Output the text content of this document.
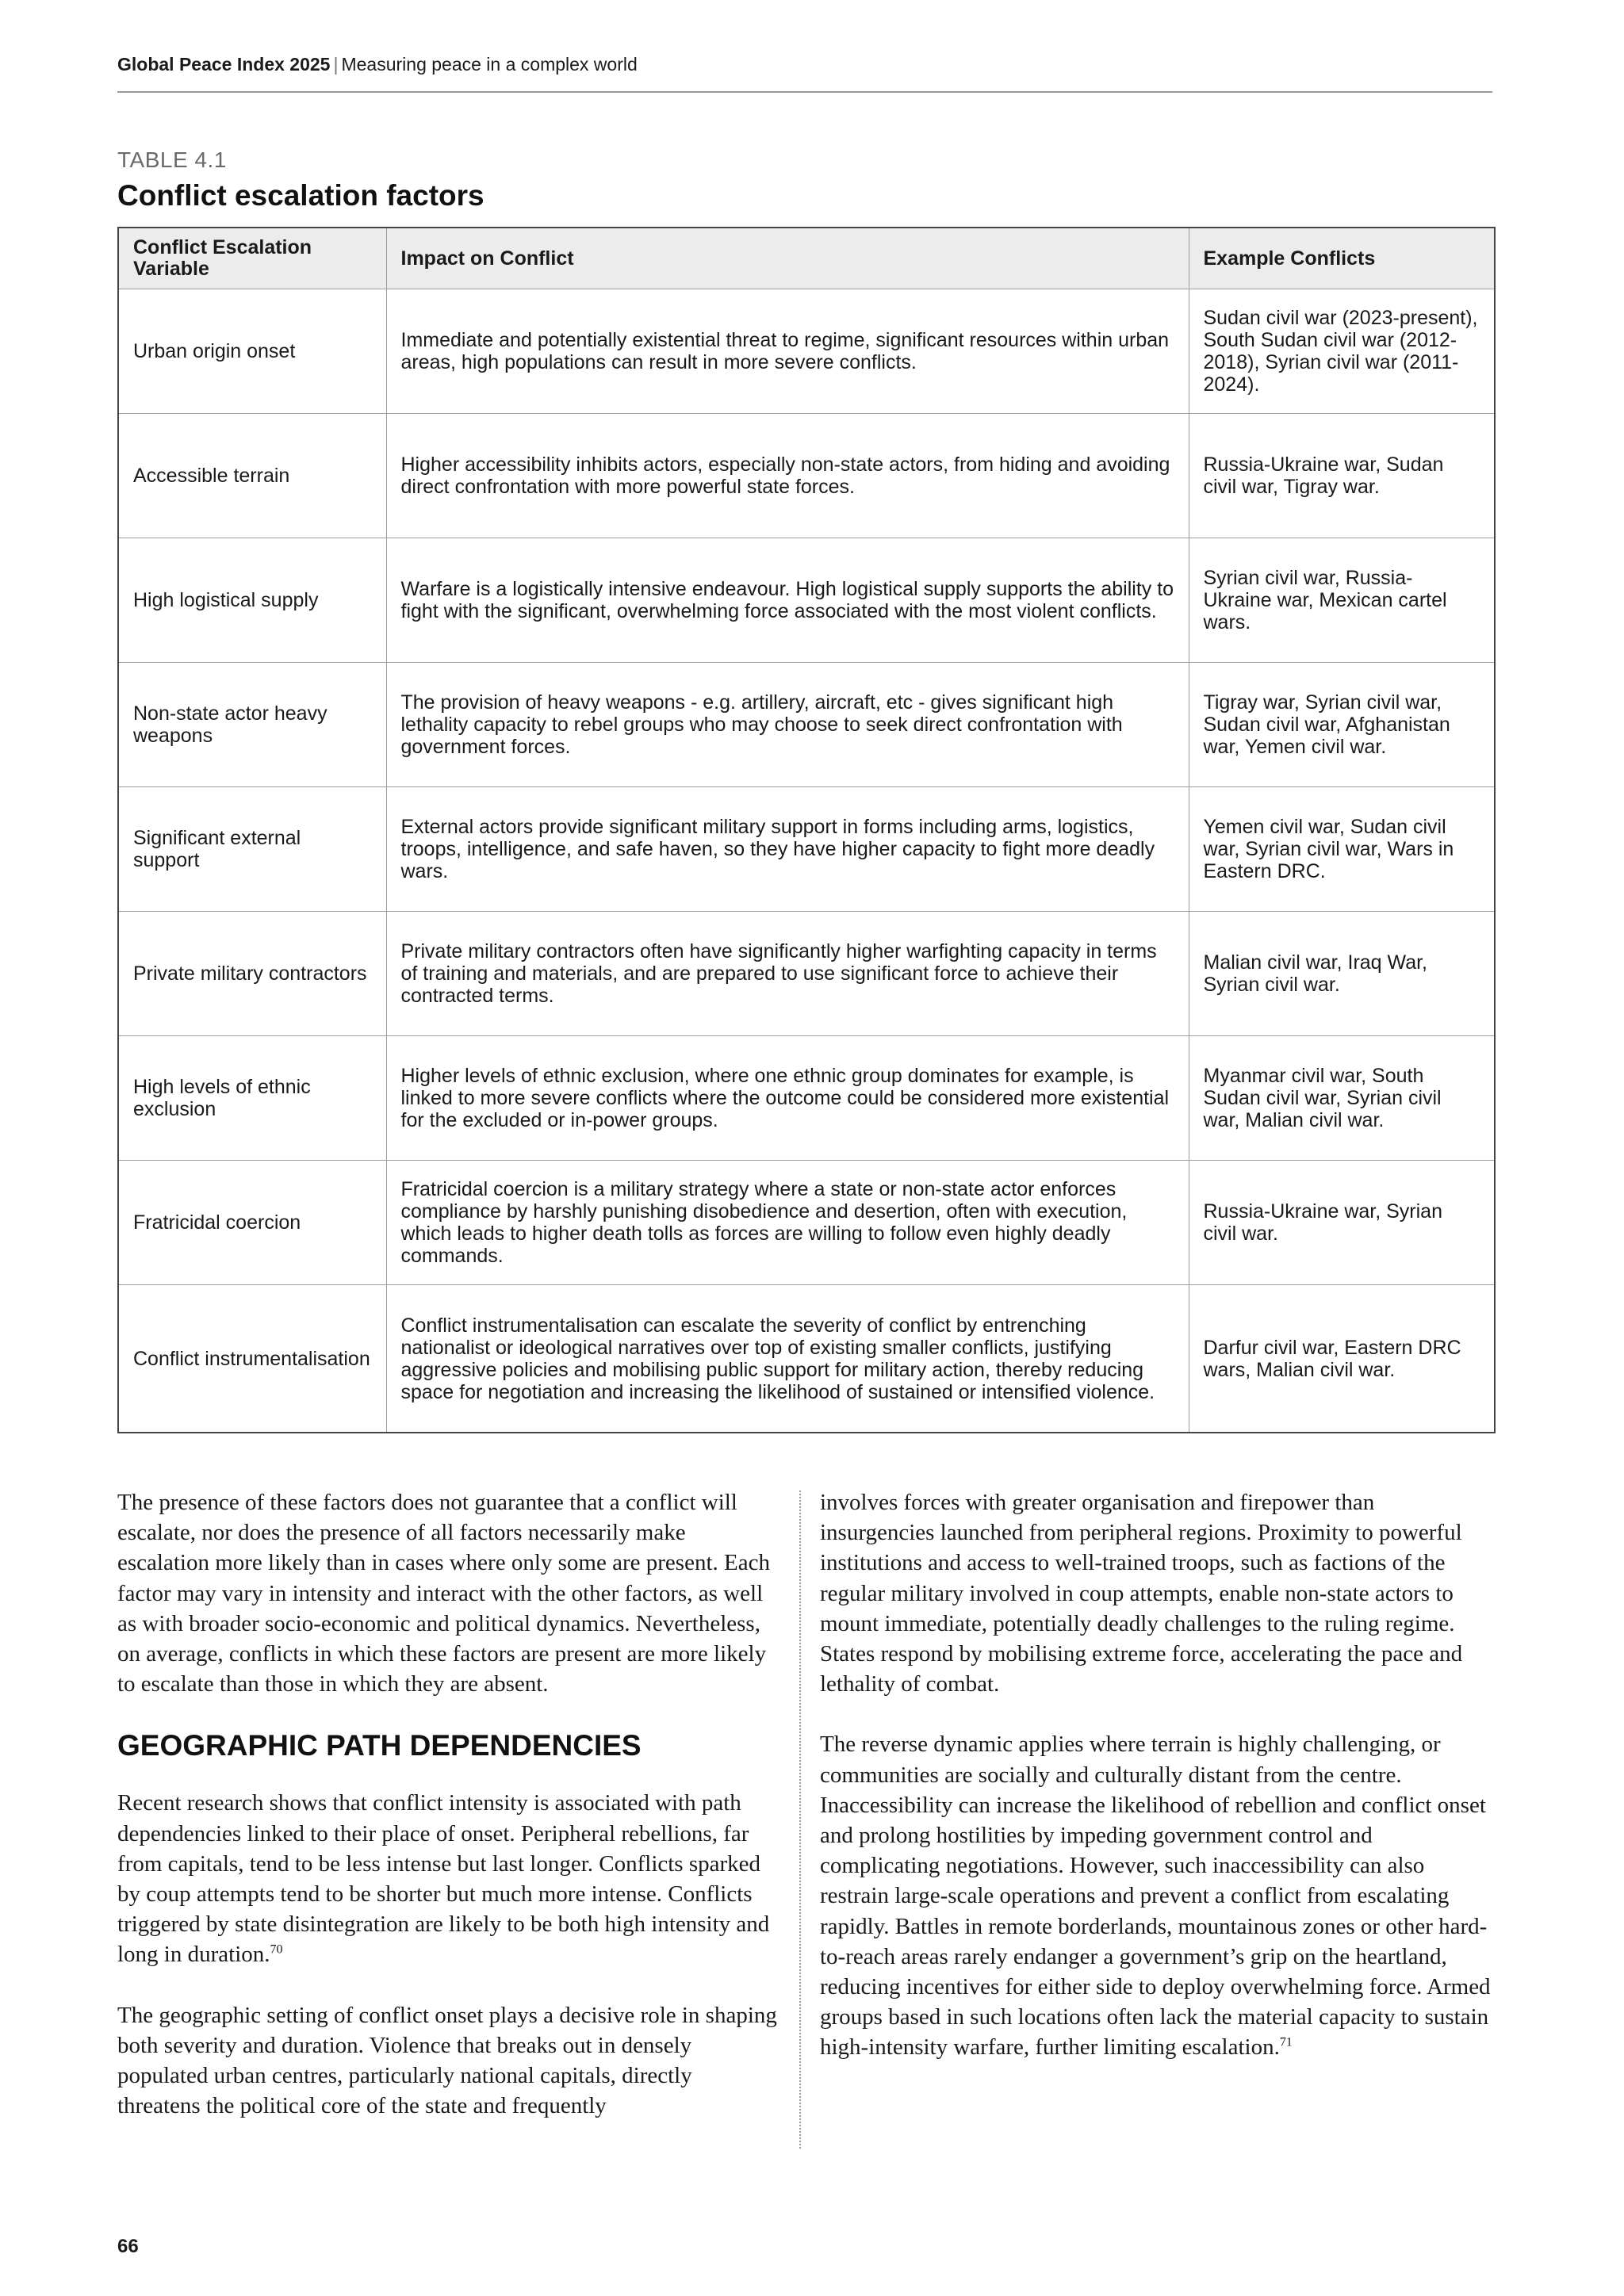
Global Peace Index 2025 | Measuring peace in a complex world
TABLE 4.1
Conflict escalation factors
Conflict Escalation Variable	Impact on Conflict	Example Conflicts
Urban origin onset	Immediate and potentially existential threat to regime, significant resources within urban areas, high populations can result in more severe conflicts.	Sudan civil war (2023-present), South Sudan civil war (2012-2018), Syrian civil war (2011-2024).
Accessible terrain	Higher accessibility inhibits actors, especially non-state actors, from hiding and avoiding direct confrontation with more powerful state forces.	Russia-Ukraine war, Sudan civil war, Tigray war.
High logistical supply	Warfare is a logistically intensive endeavour. High logistical supply supports the ability to fight with the significant, overwhelming force associated with the most violent conflicts.	Syrian civil war, Russia-Ukraine war, Mexican cartel wars.
Non-state actor heavy weapons	The provision of heavy weapons - e.g. artillery, aircraft, etc - gives significant high lethality capacity to rebel groups who may choose to seek direct confrontation with government forces.	Tigray war, Syrian civil war, Sudan civil war, Afghanistan war, Yemen civil war.
Significant external support	External actors provide significant military support in forms including arms, logistics, troops, intelligence, and safe haven, so they have higher capacity to fight more deadly wars.	Yemen civil war, Sudan civil war, Syrian civil war, Wars in Eastern DRC.
Private military contractors	Private military contractors often have significantly higher warfighting capacity in terms of training and materials, and are prepared to use significant force to achieve their contracted terms.	Malian civil war, Iraq War, Syrian civil war.
High levels of ethnic exclusion	Higher levels of ethnic exclusion, where one ethnic group dominates for example, is linked to more severe conflicts where the outcome could be considered more existential for the excluded or in-power groups.	Myanmar civil war, South Sudan civil war, Syrian civil war, Malian civil war.
Fratricidal coercion	Fratricidal coercion is a military strategy where a state or non-state actor enforces compliance by harshly punishing disobedience and desertion, often with execution, which leads to higher death tolls as forces are willing to follow even highly deadly commands.	Russia-Ukraine war, Syrian civil war.
Conflict instrumentalisation	Conflict instrumentalisation can escalate the severity of conflict by entrenching nationalist or ideological narratives over top of existing smaller conflicts, justifying aggressive policies and mobilising public support for military action, thereby reducing space for negotiation and increasing the likelihood of sustained or intensified violence.	Darfur civil war, Eastern DRC wars, Malian civil war.

The presence of these factors does not guarantee that a conflict will escalate, nor does the presence of all factors necessarily make escalation more likely than in cases where only some are present. Each factor may vary in intensity and interact with the other factors, as well as with broader socio-economic and political dynamics. Nevertheless, on average, conflicts in which these factors are present are more likely to escalate than those in which they are absent.

GEOGRAPHIC PATH DEPENDENCIES

Recent research shows that conflict intensity is associated with path dependencies linked to their place of onset. Peripheral rebellions, far from capitals, tend to be less intense but last longer. Conflicts sparked by coup attempts tend to be shorter but much more intense. Conflicts triggered by state disintegration are likely to be both high intensity and long in duration.$^{70}$

The geographic setting of conflict onset plays a decisive role in shaping both severity and duration. Violence that breaks out in densely populated urban centres, particularly national capitals, directly threatens the political core of the state and frequently

involves forces with greater organisation and firepower than insurgencies launched from peripheral regions. Proximity to powerful institutions and access to well-trained troops, such as factions of the regular military involved in coup attempts, enable non-state actors to mount immediate, potentially deadly challenges to the ruling regime. States respond by mobilising extreme force, accelerating the pace and lethality of combat.

The reverse dynamic applies where terrain is highly challenging, or communities are socially and culturally distant from the centre. Inaccessibility can increase the likelihood of rebellion and conflict onset and prolong hostilities by impeding government control and complicating negotiations. However, such inaccessibility can also restrain large-scale operations and prevent a conflict from escalating rapidly. Battles in remote borderlands, mountainous zones or other hard-to-reach areas rarely endanger a government’s grip on the heartland, reducing incentives for either side to deploy overwhelming force. Armed groups based in such locations often lack the material capacity to sustain high-intensity warfare, further limiting escalation.$^{71}$

66
